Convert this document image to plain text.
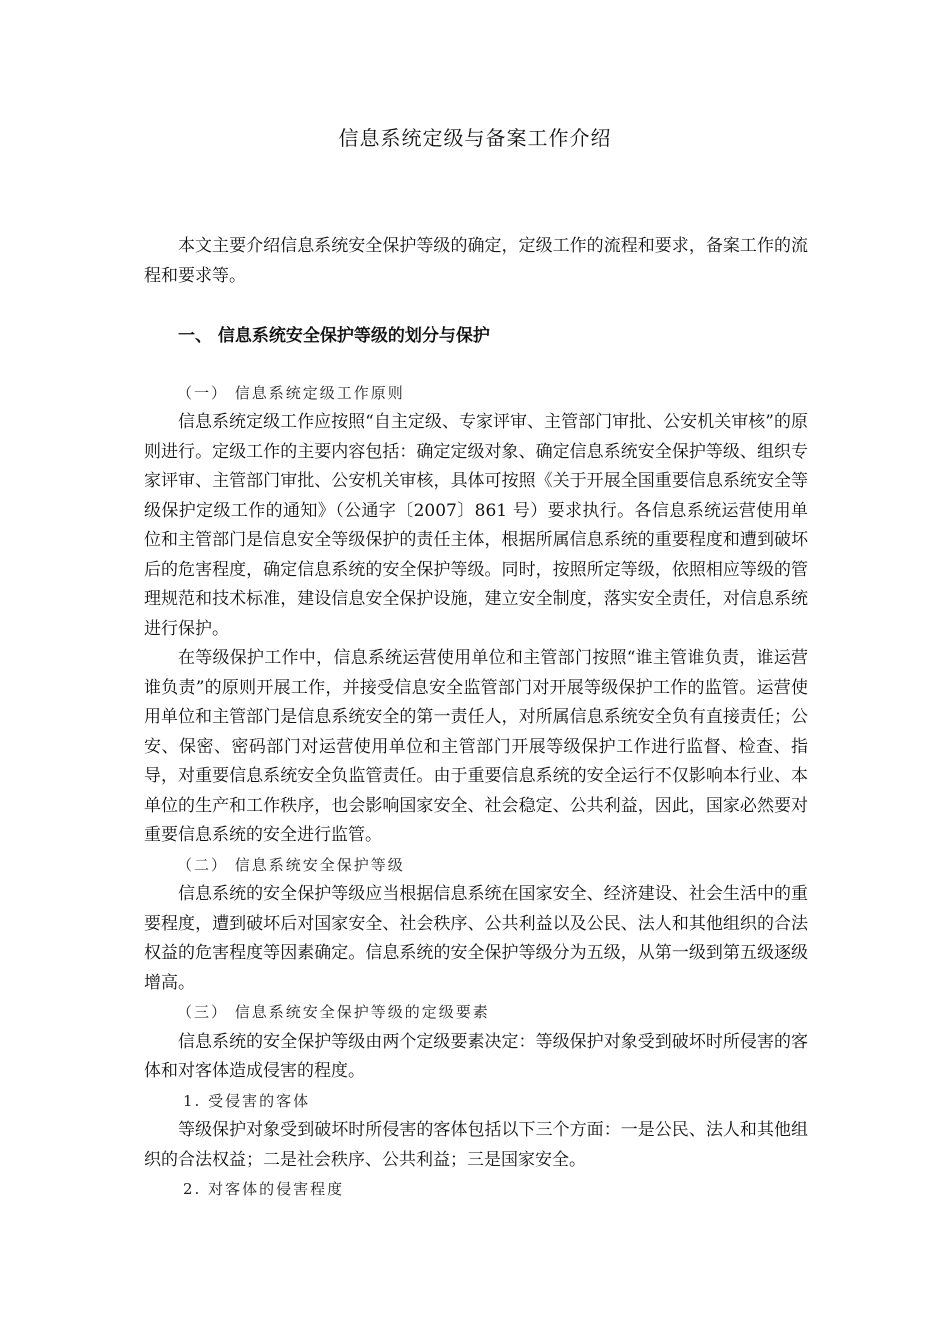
信息系统定级与备案工作介绍

本文主要介绍信息系统安全保护等级的确定，定级工作的流程和要求，备案工作的流程和要求等。

一、 信息系统安全保护等级的划分与保护
（一） 信息系统定级工作原则

信息系统定级工作应按照“自主定级、专家评审、主管部门审批、公安机关审核”的原则进行。定级工作的主要内容包括：确定定级对象、确定信息系统安全保护等级、组织专家评审、主管部门审批、公安机关审核，具体可按照《关于开展全国重要信息系统安全等级保护定级工作的通知》（公通字〔2007〕861 号）要求执行。各信息系统运营使用单位和主管部门是信息安全等级保护的责任主体，根据所属信息系统的重要程度和遭到破坏后的危害程度，确定信息系统的安全保护等级。同时，按照所定等级，依照相应等级的管理规范和技术标准，建设信息安全保护设施，建立安全制度，落实安全责任，对信息系统进行保护。

在等级保护工作中，信息系统运营使用单位和主管部门按照“谁主管谁负责，谁运营谁负责”的原则开展工作，并接受信息安全监管部门对开展等级保护工作的监管。运营使用单位和主管部门是信息系统安全的第一责任人，对所属信息系统安全负有直接责任；公安、保密、密码部门对运营使用单位和主管部门开展等级保护工作进行监督、检查、指导，对重要信息系统安全负监管责任。由于重要信息系统的安全运行不仅影响本行业、本单位的生产和工作秩序，也会影响国家安全、社会稳定、公共利益，因此，国家必然要对重要信息系统的安全进行监管。

（二） 信息系统安全保护等级

信息系统的安全保护等级应当根据信息系统在国家安全、经济建设、社会生活中的重要程度，遭到破坏后对国家安全、社会秩序、公共利益以及公民、法人和其他组织的合法权益的危害程度等因素确定。信息系统的安全保护等级分为五级，从第一级到第五级逐级增高。

（三） 信息系统安全保护等级的定级要素

信息系统的安全保护等级由两个定级要素决定：等级保护对象受到破坏时所侵害的客体和对客体造成侵害的程度。

1. 受侵害的客体

等级保护对象受到破坏时所侵害的客体包括以下三个方面：一是公民、法人和其他组织的合法权益；二是社会秩序、公共利益；三是国家安全。

2. 对客体的侵害程度
